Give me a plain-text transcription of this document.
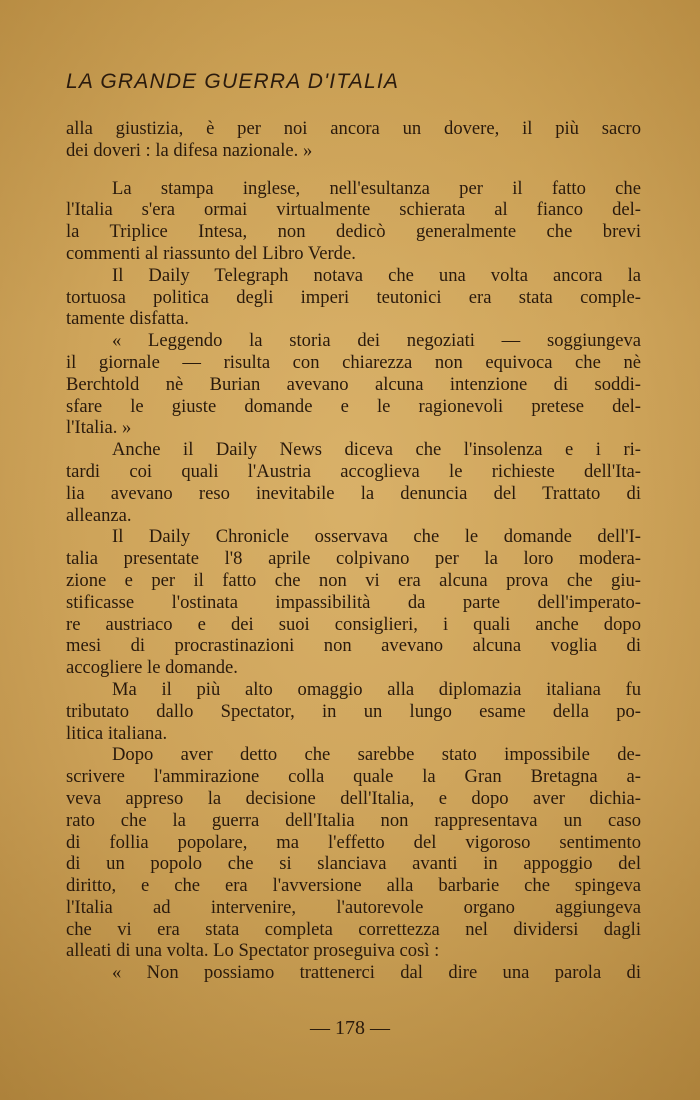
LA GRANDE GUERRA D'ITALIA
alla giustizia, è per noi ancora un dovere, il più sacro
dei doveri : la difesa nazionale. »
La stampa inglese, nell'esultanza per il fatto che
l'Italia s'era ormai virtualmente schierata al fianco del-
la Triplice Intesa, non dedicò generalmente che brevi
commenti al riassunto del Libro Verde.
Il Daily Telegraph notava che una volta ancora la
tortuosa politica degli imperi teutonici era stata comple-
tamente disfatta.
« Leggendo la storia dei negoziati — soggiungeva
il giornale — risulta con chiarezza non equivoca che nè
Berchtold nè Burian avevano alcuna intenzione di soddi-
sfare le giuste domande e le ragionevoli pretese del-
l'Italia. »
Anche il Daily News diceva che l'insolenza e i ri-
tardi coi quali l'Austria accoglieva le richieste dell'Ita-
lia avevano reso inevitabile la denuncia del Trattato di
alleanza.
Il Daily Chronicle osservava che le domande dell'I-
talia presentate l'8 aprile colpivano per la loro modera-
zione e per il fatto che non vi era alcuna prova che giu-
stificasse l'ostinata impassibilità da parte dell'imperato-
re austriaco e dei suoi consiglieri, i quali anche dopo
mesi di procrastinazioni non avevano alcuna voglia di
accogliere le domande.
Ma il più alto omaggio alla diplomazia italiana fu
tributato dallo Spectator, in un lungo esame della po-
litica italiana.
Dopo aver detto che sarebbe stato impossibile de-
scrivere l'ammirazione colla quale la Gran Bretagna a-
veva appreso la decisione dell'Italia, e dopo aver dichia-
rato che la guerra dell'Italia non rappresentava un caso
di follia popolare, ma l'effetto del vigoroso sentimento
di un popolo che si slanciava avanti in appoggio del
diritto, e che era l'avversione alla barbarie che spingeva
l'Italia ad intervenire, l'autorevole organo aggiungeva
che vi era stata completa correttezza nel dividersi dagli
alleati di una volta. Lo Spectator proseguiva così :
« Non possiamo trattenerci dal dire una parola di
— 178 —
